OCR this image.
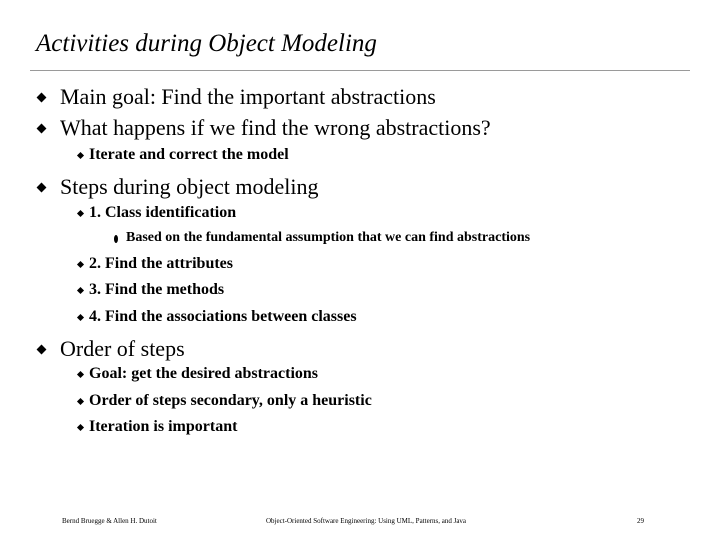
Activities during Object Modeling
Main goal: Find the important abstractions
What happens if we find the wrong abstractions?
Iterate and correct the model
Steps during object modeling
1. Class identification
Based on the fundamental assumption that we can find abstractions
2. Find the attributes
3. Find the methods
4. Find the associations between classes
Order of steps
Goal: get the desired abstractions
Order of steps secondary, only a heuristic
Iteration is important
Bernd Bruegge & Allen H. Dutoit	Object-Oriented Software Engineering: Using UML, Patterns, and Java	29
